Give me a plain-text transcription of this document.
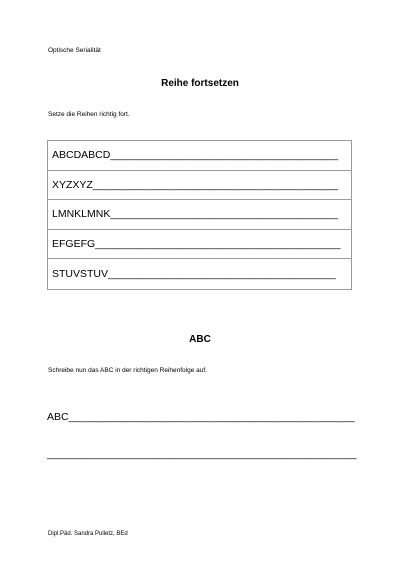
Optische Serialität
Reihe fortsetzen
Setze die Reihen richtig fort.
ABCDABCD_______________________________________
XYZXYZ__________________________________________
LMNKLMNK_______________________________________
EFGEFG__________________________________________
STUVSTUV_______________________________________
ABC
Schreibe nun das ABC in der richtigen Reihenfolge auf.
ABC_________________________________________________
_____________________________________________________
Dipl.Päd. Sandra Pulletz, BEd
